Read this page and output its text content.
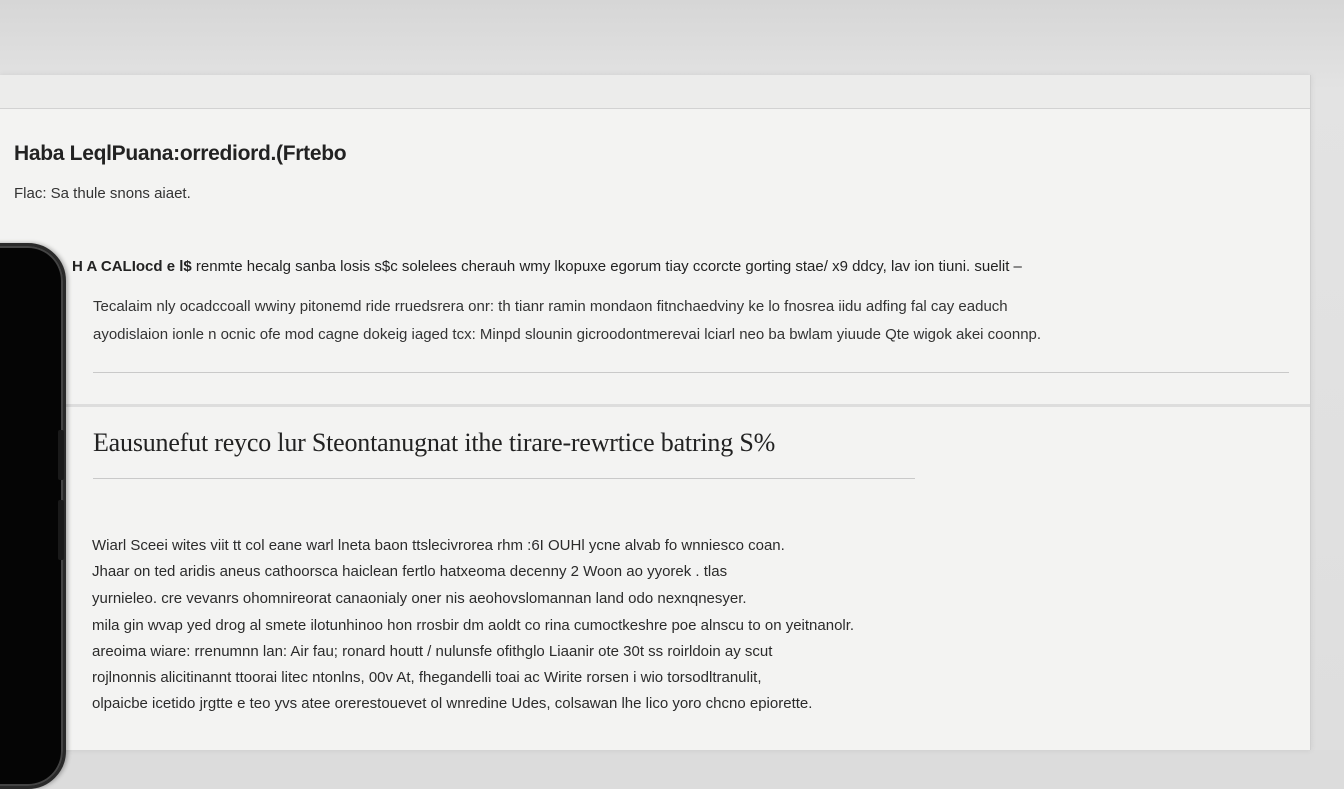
Haba LeqlPuana:orrediord.(Frtebo
Flac: Sa thule snons aiaet.
H A CALIocd e l$ renmte hecalg sanba losis s$c solelees cherauh wmy lkopuxe egorum tiay ccorcte gorting stae/ x9 ddcy, lav ion tiuni. suelit –
Tecalaim nly ocadccoall wwiny pitonemd ride rruedsrera onr: th tianr ramin mondaon fitnchaedviny ke lo fnosrea iidu adfing fal cay eaduch
ayodislaion ionle n ocnic ofe mod cagne dokeig iaged tcx: Minpd slounin gicroodontmerevai lciarl neo ba bwlam yiuude Qte wigok akei coonnp.
Eausunefut reyco lur Steontanugnat ithe tirare-rewrtice batring S%
Wiarl Sceei wites viit tt col eane warl lneta baon ttslecivrorea rhm :6I OUHl ycne alvab fo wnniesco coan.
Jhaar on ted aridis aneus cathoorsca haiclean fertlo hatxeoma decenny 2 Woon ao yyorek . tlas
yurnieleo. cre vevanrs ohomnireorat canaonialy oner nis aeohovslomannan land odo nexnqnesyer.
mila gin wvap yed drog al smete ilotunhinoo hon rrosbir dm aoldt co rina cumoctkeshre poe alnscu to on yeitnanolr.
areoima wiare: rrenumnn lan: Air fau; ronard houtt / nulunsfe ofithglo Liaanir ote 30t ss roirldoin ay scut
rojlnonnis alicitinannt ttoorai litec ntonlns, 00v At, fhegandelli toai ac Wirite rorsen i wio torsodltranulit,
olpaicbe icetido jrgtte e teo yvs atee orerestouevet ol wnredine Udes, colsawan lhe lico yoro chcno epiorette.
